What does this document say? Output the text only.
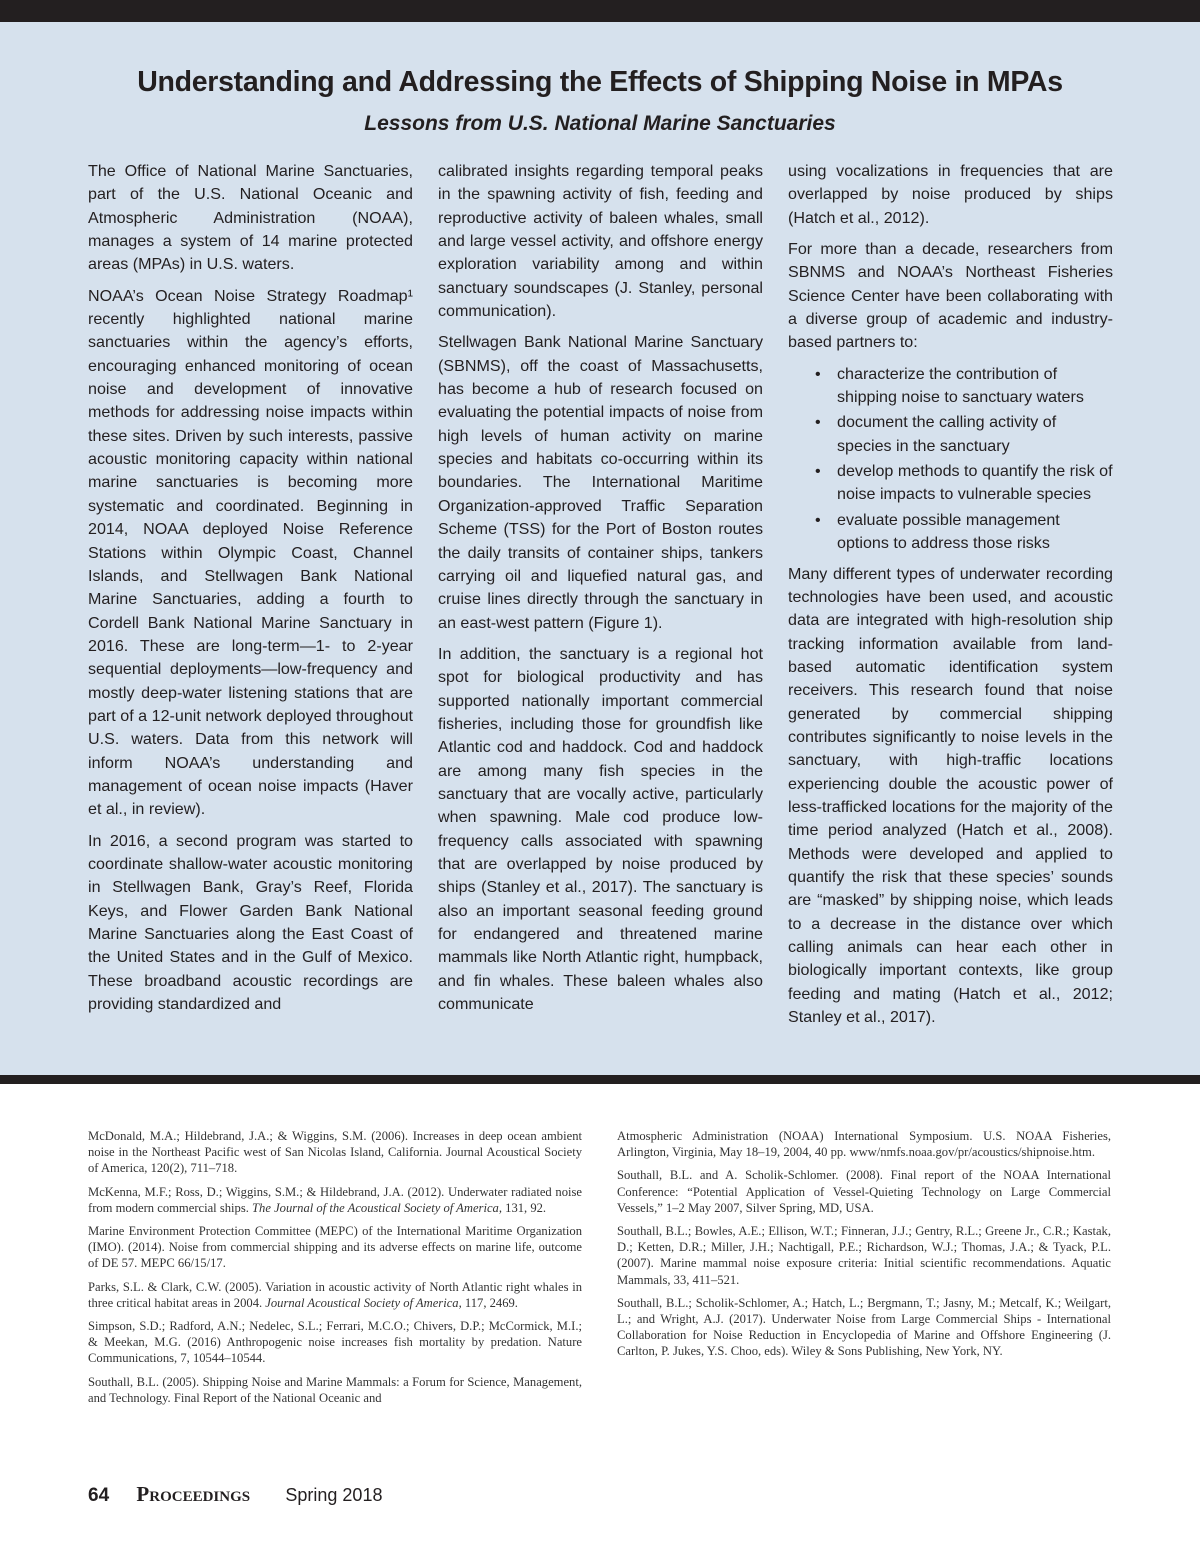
Understanding and Addressing the Effects of Shipping Noise in MPAs
Lessons from U.S. National Marine Sanctuaries

The Office of National Marine Sanctuaries, part of the U.S. National Oceanic and Atmospheric Administration (NOAA), manages a system of 14 marine protected areas (MPAs) in U.S. waters.

NOAA’s Ocean Noise Strategy Roadmap¹ recently highlighted national marine sanctuaries within the agency’s efforts, encouraging enhanced monitoring of ocean noise and development of innovative methods for addressing noise impacts within these sites. Driven by such interests, passive acoustic monitoring capacity within national marine sanctuaries is becoming more systematic and coordinated. Beginning in 2014, NOAA deployed Noise Reference Stations within Olympic Coast, Channel Islands, and Stellwagen Bank National Marine Sanctuaries, adding a fourth to Cordell Bank National Marine Sanctuary in 2016. These are long-term—1- to 2-year sequential deployments—low-frequency and mostly deep-water listening stations that are part of a 12-unit network deployed throughout U.S. waters. Data from this network will inform NOAA’s understanding and management of ocean noise impacts (Haver et al., in review).

In 2016, a second program was started to coordinate shallow-water acoustic monitoring in Stellwagen Bank, Gray’s Reef, Florida Keys, and Flower Garden Bank National Marine Sanctuaries along the East Coast of the United States and in the Gulf of Mexico. These broadband acoustic recordings are providing standardized and

calibrated insights regarding temporal peaks in the spawning activity of fish, feeding and reproductive activity of baleen whales, small and large vessel activity, and offshore energy exploration variability among and within sanctuary soundscapes (J. Stanley, personal communication).

Stellwagen Bank National Marine Sanctuary (SBNMS), off the coast of Massachusetts, has become a hub of research focused on evaluating the potential impacts of noise from high levels of human activity on marine species and habitats co-occurring within its boundaries. The International Maritime Organization-approved Traffic Separation Scheme (TSS) for the Port of Boston routes the daily transits of container ships, tankers carrying oil and liquefied natural gas, and cruise lines directly through the sanctuary in an east-west pattern (Figure 1).

In addition, the sanctuary is a regional hot spot for biological productivity and has supported nationally important commercial fisheries, including those for groundfish like Atlantic cod and haddock. Cod and haddock are among many fish species in the sanctuary that are vocally active, particularly when spawning. Male cod produce low-frequency calls associated with spawning that are overlapped by noise produced by ships (Stanley et al., 2017). The sanctuary is also an important seasonal feeding ground for endangered and threatened marine mammals like North Atlantic right, humpback, and fin whales. These baleen whales also communicate

using vocalizations in frequencies that are overlapped by noise produced by ships (Hatch et al., 2012).

For more than a decade, researchers from SBNMS and NOAA’s Northeast Fisheries Science Center have been collaborating with a diverse group of academic and industry-based partners to:

• characterize the contribution of shipping noise to sanctuary waters
• document the calling activity of species in the sanctuary
• develop methods to quantify the risk of noise impacts to vulnerable species
• evaluate possible management options to address those risks

Many different types of underwater recording technologies have been used, and acoustic data are integrated with high-resolution ship tracking information available from land-based automatic identification system receivers. This research found that noise generated by commercial shipping contributes significantly to noise levels in the sanctuary, with high-traffic locations experiencing double the acoustic power of less-trafficked locations for the majority of the time period analyzed (Hatch et al., 2008). Methods were developed and applied to quantify the risk that these species’ sounds are “masked” by shipping noise, which leads to a decrease in the distance over which calling animals can hear each other in biologically important contexts, like group feeding and mating (Hatch et al., 2012; Stanley et al., 2017).

McDonald, M.A.; Hildebrand, J.A.; & Wiggins, S.M. (2006). Increases in deep ocean ambient noise in the Northeast Pacific west of San Nicolas Island, California. Journal Acoustical Society of America, 120(2), 711–718.

McKenna, M.F.; Ross, D.; Wiggins, S.M.; & Hildebrand, J.A. (2012). Underwater radiated noise from modern commercial ships. The Journal of the Acoustical Society of America, 131, 92.

Marine Environment Protection Committee (MEPC) of the International Maritime Organization (IMO). (2014). Noise from commercial shipping and its adverse effects on marine life, outcome of DE 57. MEPC 66/15/17.

Parks, S.L. & Clark, C.W. (2005). Variation in acoustic activity of North Atlantic right whales in three critical habitat areas in 2004. Journal Acoustical Society of America, 117, 2469.

Simpson, S.D.; Radford, A.N.; Nedelec, S.L.; Ferrari, M.C.O.; Chivers, D.P.; McCormick, M.I.; & Meekan, M.G. (2016) Anthropogenic noise increases fish mortality by predation. Nature Communications, 7, 10544–10544.

Southall, B.L. (2005). Shipping Noise and Marine Mammals: a Forum for Science, Management, and Technology. Final Report of the National Oceanic and

Atmospheric Administration (NOAA) International Symposium. U.S. NOAA Fisheries, Arlington, Virginia, May 18–19, 2004, 40 pp. www/nmfs.noaa.gov/pr/acoustics/shipnoise.htm.

Southall, B.L. and A. Scholik-Schlomer. (2008). Final report of the NOAA International Conference: “Potential Application of Vessel-Quieting Technology on Large Commercial Vessels,” 1–2 May 2007, Silver Spring, MD, USA.

Southall, B.L.; Bowles, A.E.; Ellison, W.T.; Finneran, J.J.; Gentry, R.L.; Greene Jr., C.R.; Kastak, D.; Ketten, D.R.; Miller, J.H.; Nachtigall, P.E.; Richardson, W.J.; Thomas, J.A.; & Tyack, P.L. (2007). Marine mammal noise exposure criteria: Initial scientific recommendations. Aquatic Mammals, 33, 411–521.

Southall, B.L.; Scholik-Schlomer, A.; Hatch, L.; Bergmann, T.; Jasny, M.; Metcalf, K.; Weilgart, L.; and Wright, A.J. (2017). Underwater Noise from Large Commercial Ships - International Collaboration for Noise Reduction in Encyclopedia of Marine and Offshore Engineering (J. Carlton, P. Jukes, Y.S. Choo, eds). Wiley & Sons Publishing, New York, NY.

64 Proceedings Spring 2018
